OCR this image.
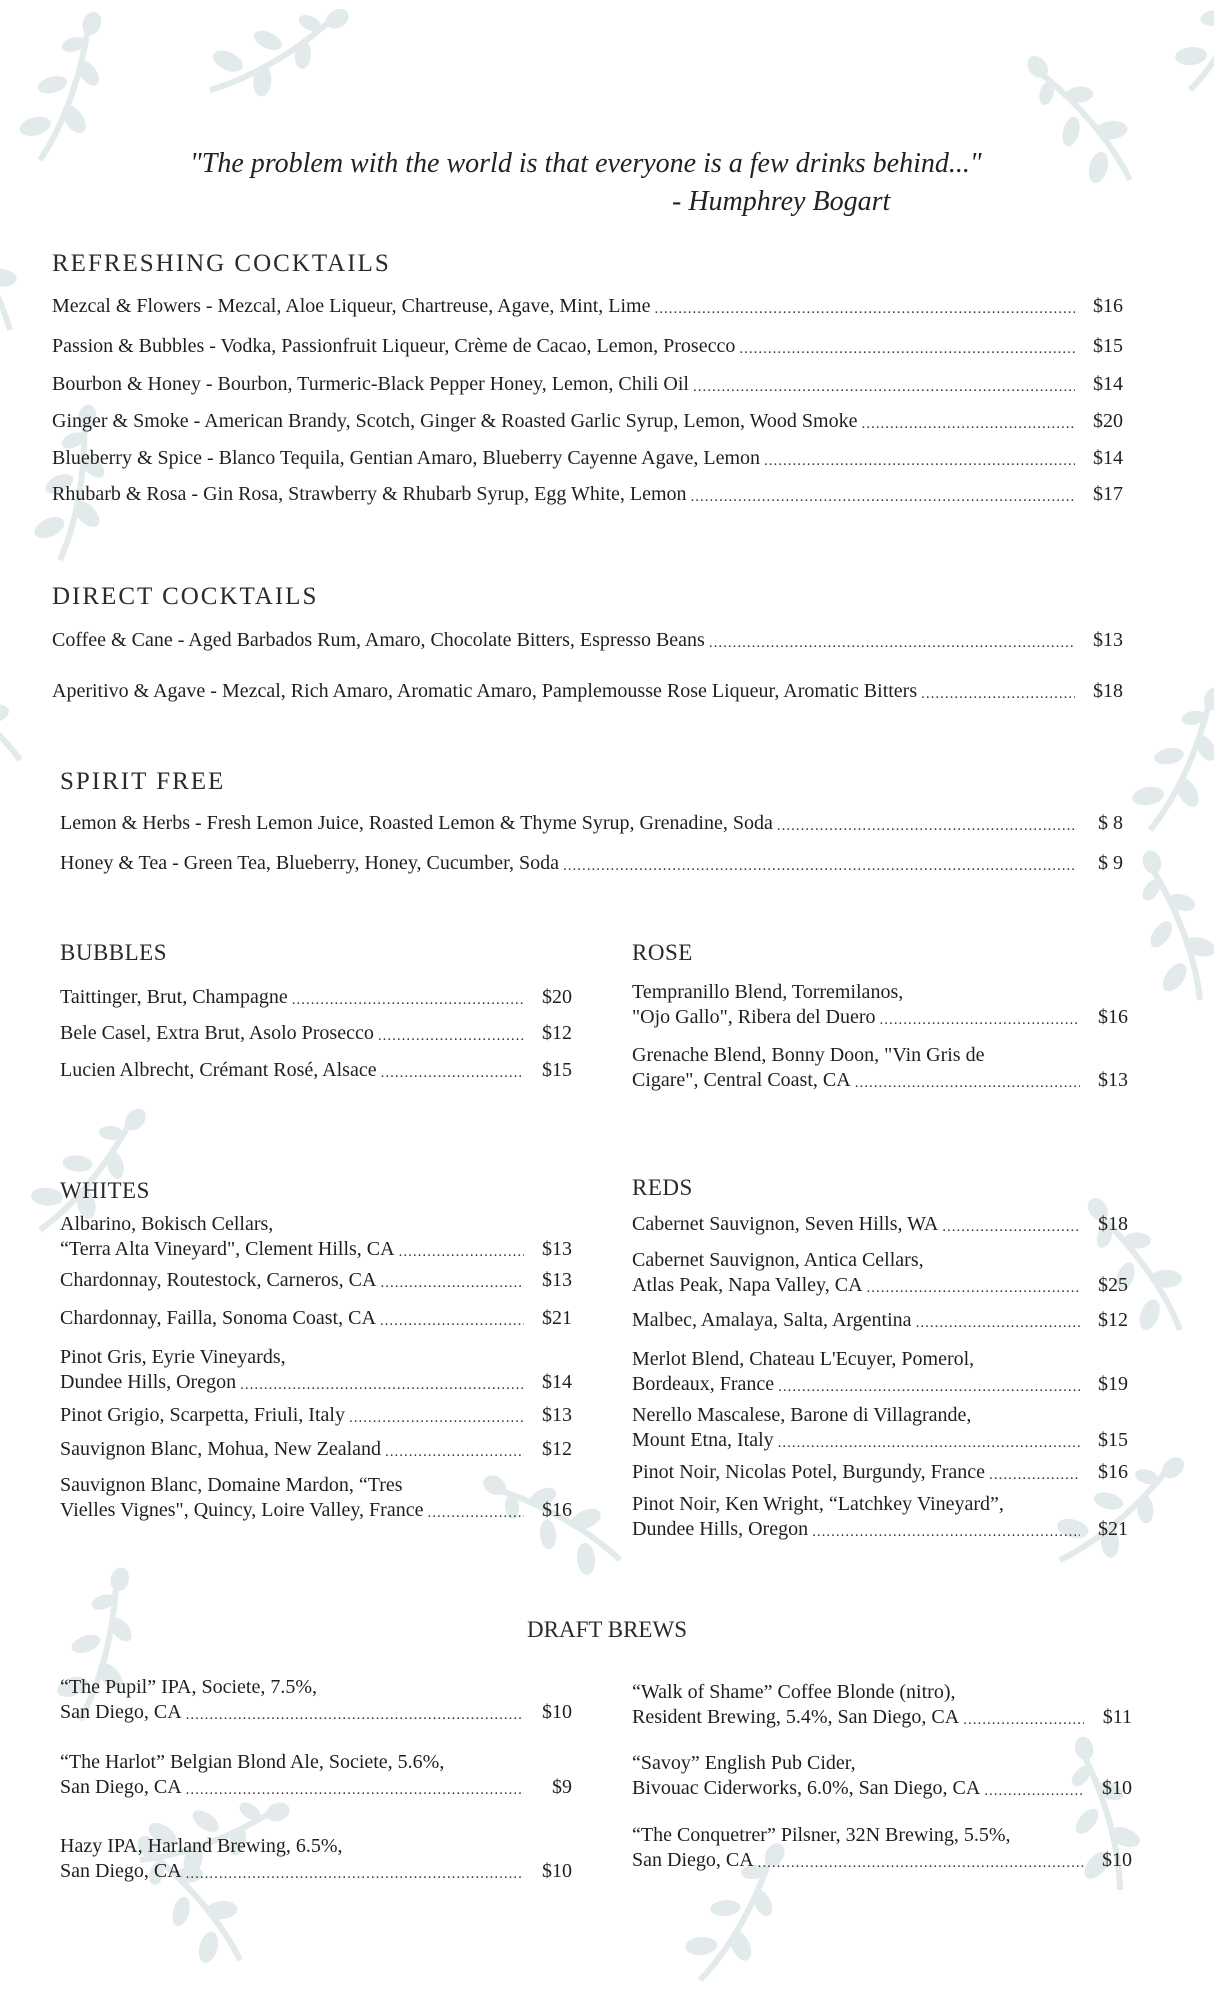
"The problem with the world is that everyone is a few drinks behind..."
- Humphrey Bogart
REFRESHING COCKTAILS
Mezcal & Flowers - Mezcal, Aloe Liqueur, Chartreuse, Agave, Mint, Lime .....	$16
Passion & Bubbles - Vodka, Passionfruit Liqueur, Crème de Cacao, Lemon, Prosecco .....	$15
Bourbon & Honey - Bourbon, Turmeric-Black Pepper Honey, Lemon, Chili Oil .....	$14
Ginger & Smoke - American Brandy, Scotch, Ginger & Roasted Garlic Syrup, Lemon, Wood Smoke .....	$20
Blueberry & Spice - Blanco Tequila, Gentian Amaro, Blueberry Cayenne Agave, Lemon .....	$14
Rhubarb & Rosa - Gin Rosa, Strawberry & Rhubarb Syrup, Egg White, Lemon .....	$17
DIRECT COCKTAILS
Coffee & Cane - Aged Barbados Rum, Amaro, Chocolate Bitters, Espresso Beans .....	$13
Aperitivo & Agave - Mezcal, Rich Amaro, Aromatic Amaro, Pamplemousse Rose Liqueur, Aromatic Bitters .....	$18
SPIRIT FREE
Lemon & Herbs - Fresh Lemon Juice, Roasted Lemon & Thyme Syrup, Grenadine, Soda .....	$ 8
Honey & Tea - Green Tea, Blueberry, Honey, Cucumber, Soda .....	$ 9
BUBBLES
Taittinger, Brut, Champagne .....	$20
Bele Casel, Extra Brut, Asolo Prosecco .....	$12
Lucien Albrecht, Crémant Rosé, Alsace .....	$15
ROSE
Tempranillo Blend, Torremilanos,
"Ojo Gallo", Ribera del Duero .....	$16
Grenache Blend, Bonny Doon, "Vin Gris de
Cigare", Central Coast, CA .....	$13
WHITES
Albarino, Bokisch Cellars,
“Terra Alta Vineyard", Clement Hills, CA .....	$13
Chardonnay, Routestock, Carneros, CA .....	$13
Chardonnay, Failla, Sonoma Coast, CA .....	$21
Pinot Gris, Eyrie Vineyards,
Dundee Hills, Oregon .....	$14
Pinot Grigio, Scarpetta, Friuli, Italy .....	$13
Sauvignon Blanc, Mohua, New Zealand .....	$12
Sauvignon Blanc, Domaine Mardon, “Tres
Vielles Vignes", Quincy, Loire Valley, France .....	$16
REDS
Cabernet Sauvignon, Seven Hills, WA .....	$18
Cabernet Sauvignon, Antica Cellars,
Atlas Peak, Napa Valley, CA .....	$25
Malbec, Amalaya, Salta, Argentina .....	$12
Merlot Blend, Chateau L'Ecuyer, Pomerol,
Bordeaux, France .....	$19
Nerello Mascalese, Barone di Villagrande,
Mount Etna, Italy .....	$15
Pinot Noir, Nicolas Potel, Burgundy, France .....	$16
Pinot Noir, Ken Wright, “Latchkey Vineyard”,
Dundee Hills, Oregon .....	$21
DRAFT BREWS
“The Pupil” IPA, Societe, 7.5%,
San Diego, CA .....	$10
“The Harlot” Belgian Blond Ale, Societe, 5.6%,
San Diego, CA .....	$9
Hazy IPA, Harland Brewing, 6.5%,
San Diego, CA .....	$10
“Walk of Shame” Coffee Blonde (nitro),
Resident Brewing, 5.4%, San Diego, CA .....	$11
“Savoy” English Pub Cider,
Bivouac Ciderworks, 6.0%, San Diego, CA .....	$10
“The Conquetrer” Pilsner, 32N Brewing, 5.5%,
San Diego, CA .....	$10
